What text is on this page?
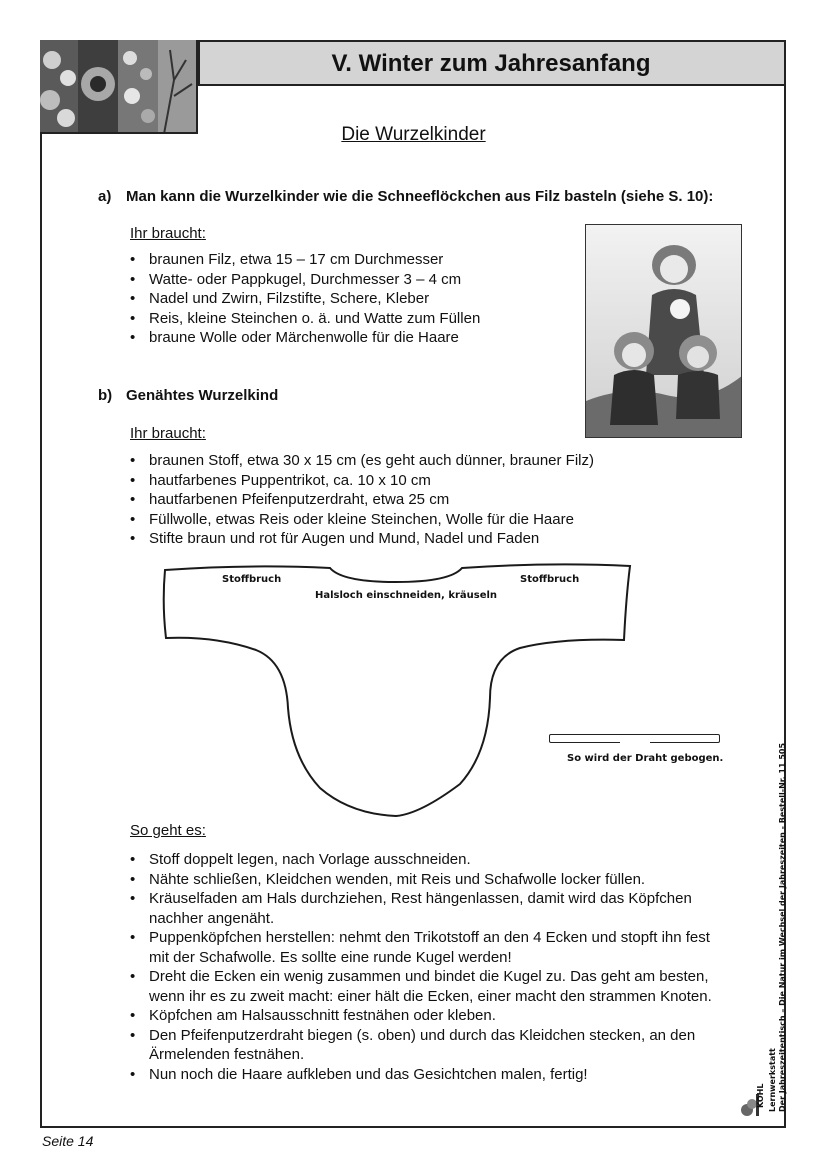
V. Winter zum Jahresanfang
Die Wurzelkinder
a) Man kann die Wurzelkinder wie die Schneeflöckchen aus Filz basteln (siehe S. 10):
Ihr braucht:
• braunen Filz, etwa 15 – 17 cm Durchmesser
• Watte- oder Pappkugel, Durchmesser 3 – 4 cm
• Nadel und Zwirn, Filzstifte, Schere, Kleber
• Reis, kleine Steinchen o. ä. und Watte zum Füllen
• braune Wolle oder Märchenwolle für die Haare
b) Genähtes Wurzelkind
Ihr braucht:
• braunen Stoff, etwa 30 x 15 cm (es geht auch dünner, brauner Filz)
• hautfarbenes Puppentrikot, ca. 10 x 10 cm
• hautfarbenen Pfeifenputzerdraht, etwa 25 cm
• Füllwolle, etwas Reis oder kleine Steinchen, Wolle für die Haare
• Stifte braun und rot für Augen und Mund, Nadel und Faden
Stoffbruch	Stoffbruch
Halsloch einschneiden, kräuseln
So wird der Draht gebogen.
So geht es:
• Stoff doppelt legen, nach Vorlage ausschneiden.
• Nähte schließen, Kleidchen wenden, mit Reis und Schafwolle locker füllen.
• Kräuselfaden am Hals durchziehen, Rest hängenlassen, damit wird das Köpfchen nachher angenäht.
• Puppenköpfchen herstellen: nehmt den Trikotstoff an den 4 Ecken und stopft ihn fest mit der Schafwolle. Es sollte eine runde Kugel werden!
• Dreht die Ecken ein wenig zusammen und bindet die Kugel zu. Das geht am besten, wenn ihr es zu zweit macht: einer hält die Ecken, einer macht den strammen Knoten.
• Köpfchen am Halsausschnitt festnähen oder kleben.
• Den Pfeifenputzerdraht biegen (s. oben) und durch das Kleidchen stecken, an den Ärmelenden festnähen.
• Nun noch die Haare aufkleben und das Gesichtchen malen, fertig!	Lernwerkstatt Der Jahreszeitentisch – Die Natur im Wechsel der Jahreszeiten - Bestell-Nr. 11 505
KOHL
Seite 14
